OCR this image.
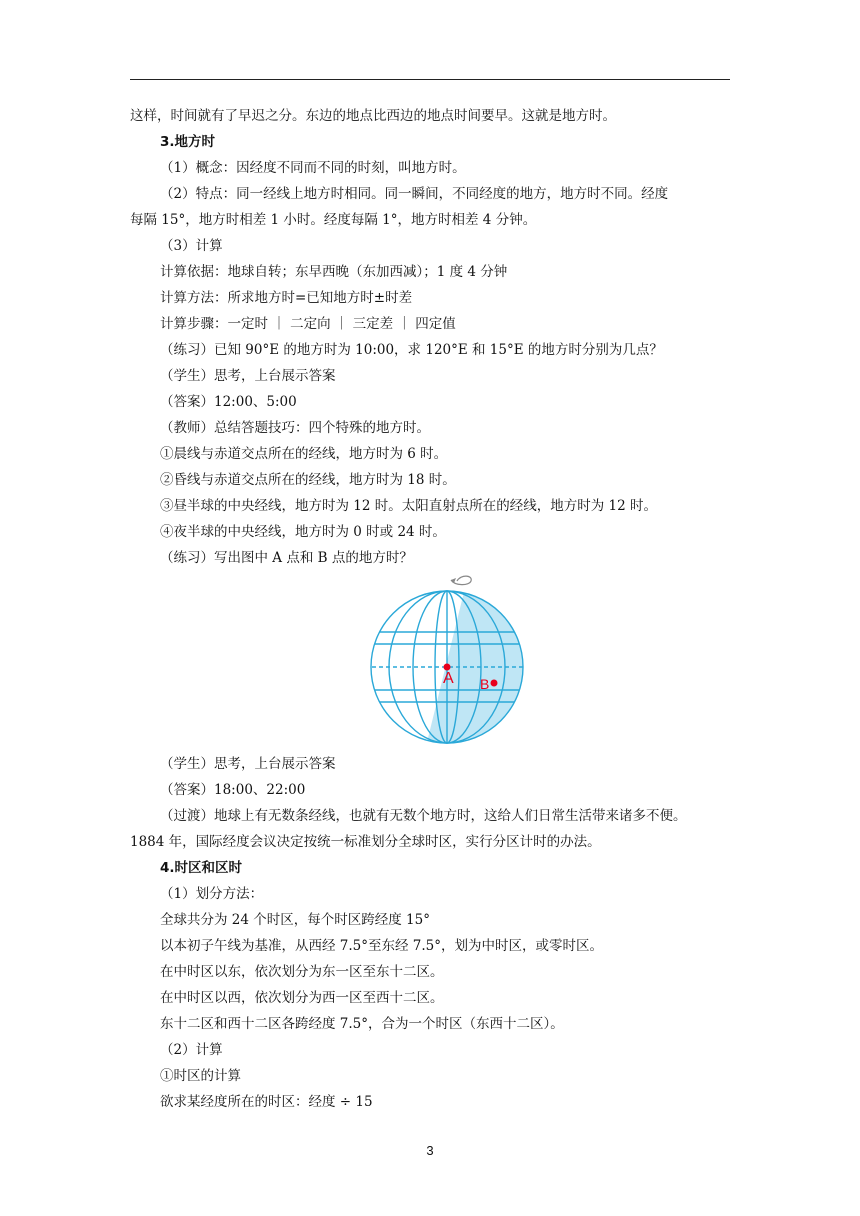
这样，时间就有了早迟之分。东边的地点比西边的地点时间要早。这就是地方时。
3.地方时
（1）概念：因经度不同而不同的时刻，叫地方时。
（2）特点：同一经线上地方时相同。同一瞬间，不同经度的地方，地方时不同。经度
每隔 15°，地方时相差 1 小时。经度每隔 1°，地方时相差 4 分钟。
（3）计算
计算依据：地球自转；东早西晚（东加西减）；1 度 4 分钟
计算方法：所求地方时=已知地方时±时差
计算步骤：一定时 ｜ 二定向 ｜ 三定差 ｜ 四定值
（练习）已知 90°E 的地方时为 10:00，求 120°E 和 15°E 的地方时分别为几点？
（学生）思考，上台展示答案
（答案）12:00、5:00
（教师）总结答题技巧：四个特殊的地方时。
①晨线与赤道交点所在的经线，地方时为 6 时。
②昏线与赤道交点所在的经线，地方时为 18 时。
③昼半球的中央经线，地方时为 12 时。太阳直射点所在的经线，地方时为 12 时。
④夜半球的中央经线，地方时为 0 时或 24 时。
（练习）写出图中 A 点和 B 点的地方时？
A B
（学生）思考，上台展示答案
（答案）18:00、22:00
（过渡）地球上有无数条经线，也就有无数个地方时，这给人们日常生活带来诸多不便。
1884 年，国际经度会议决定按统一标准划分全球时区，实行分区计时的办法。
4.时区和区时
（1）划分方法：
全球共分为 24 个时区，每个时区跨经度 15°
以本初子午线为基准，从西经 7.5°至东经 7.5°，划为中时区，或零时区。
在中时区以东，依次划分为东一区至东十二区。
在中时区以西，依次划分为西一区至西十二区。
东十二区和西十二区各跨经度 7.5°，合为一个时区（东西十二区）。
（2）计算
①时区的计算
欲求某经度所在的时区：经度 ÷ 15
3
